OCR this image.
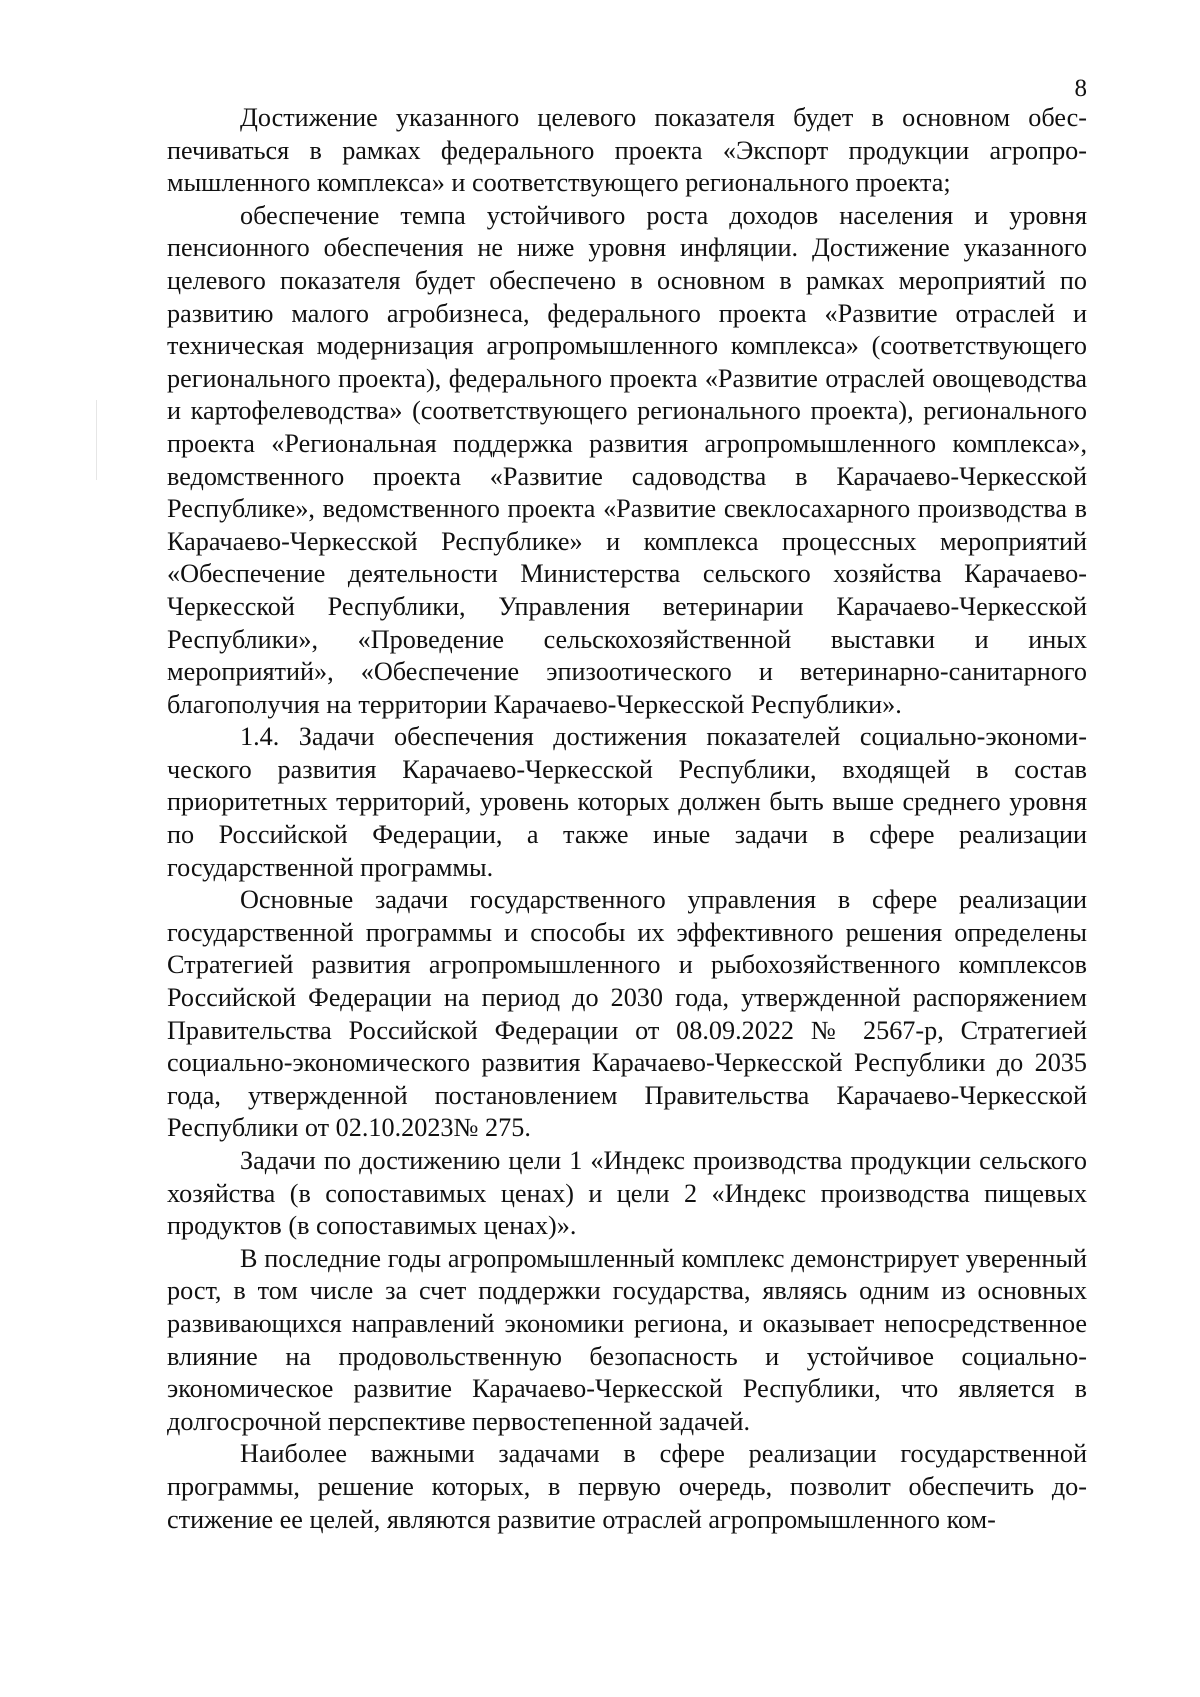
8

Достижение указанного целевого показателя будет в основном обеспечиваться в рамках федерального проекта «Экспорт продукции агропромышленного комплекса» и соответствующего регионального проекта;

обеспечение темпа устойчивого роста доходов населения и уровня пенсионного обеспечения не ниже уровня инфляции. Достижение указанного целевого показателя будет обеспечено в основном в рамках мероприятий по развитию малого агробизнеса, федерального проекта «Развитие отраслей и техническая модернизация агропромышленного комплекса» (соответствующего регионального проекта), федерального проекта «Развитие отраслей овощеводства и картофелеводства» (соответствующего регионального проекта), регионального проекта «Региональная поддержка развития агропромышленного комплекса», ведомственного проекта «Развитие садоводства в Карачаево-Черкесской Республике», ведомственного проекта «Развитие свеклосахарного производства в Карачаево-Черкесской Республике» и комплекса процессных мероприятий «Обеспечение деятельности Министерства сельского хозяйства Карачаево-Черкесской Республики, Управления ветеринарии Карачаево-Черкесской Республики», «Проведение сельскохозяйственной выставки и иных мероприятий», «Обеспечение эпизоотического и ветеринарно-санитарного благополучия на территории Карачаево-Черкесской Республики».

1.4. Задачи обеспечения достижения показателей социально-экономического развития Карачаево-Черкесской Республики, входящей в состав приоритетных территорий, уровень которых должен быть выше среднего уровня по Российской Федерации, а также иные задачи в сфере реализации государственной программы.

Основные задачи государственного управления в сфере реализации государственной программы и способы их эффективного решения определены Стратегией развития агропромышленного и рыбохозяйственного комплексов Российской Федерации на период до 2030 года, утвержденной распоряжением Правительства Российской Федерации от 08.09.2022 № 2567-р, Стратегией социально-экономического развития Карачаево-Черкесской Республики до 2035 года, утвержденной постановлением Правительства Карачаево-Черкесской Республики от 02.10.2023№ 275.

Задачи по достижению цели 1 «Индекс производства продукции сельского хозяйства (в сопоставимых ценах) и цели 2 «Индекс производства пищевых продуктов (в сопоставимых ценах)».

В последние годы агропромышленный комплекс демонстрирует уверенный рост, в том числе за счет поддержки государства, являясь одним из основных развивающихся направлений экономики региона, и оказывает непосредственное влияние на продовольственную безопасность и устойчивое социально-экономическое развитие Карачаево-Черкесской Республики, что является в долгосрочной перспективе первостепенной задачей.

Наиболее важными задачами в сфере реализации государственной программы, решение которых, в первую очередь, позволит обеспечить достижение ее целей, являются развитие отраслей агропромышленного ком-
